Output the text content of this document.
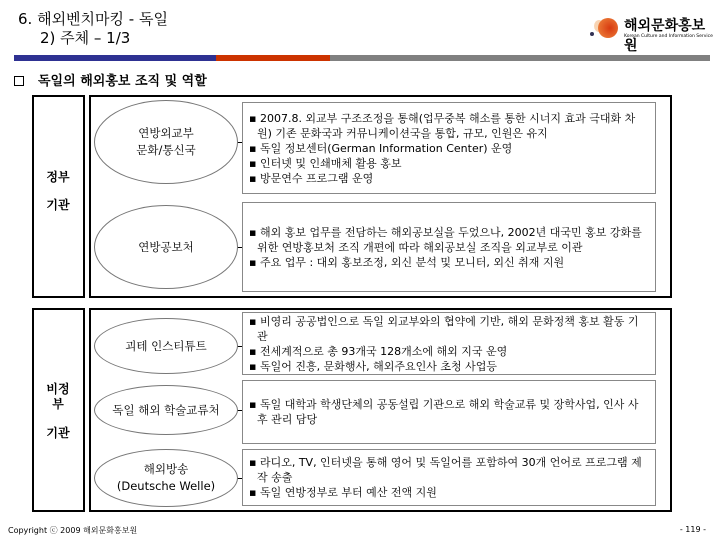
6. 해외벤치마킹 - 독일
2) 주체 – 1/3
해외문화홍보원
Korean Culture and Information Service
독일의 해외홍보 조직 및 역할
정부
기관
연방외교부
문화/통신국
▪ 2007.8. 외교부 구조조정을 통해(업무중복 해소를 통한 시너지 효과 극대화 차원) 기존 문화국과 커뮤니케이션국을 통합, 규모, 인원은 유지
▪ 독일 정보센터(German Information Center) 운영
▪ 인터넷 및 인쇄매체 활용 홍보
▪ 방문연수 프로그램 운영
연방공보처
▪ 해외 홍보 업무를 전담하는 해외공보실을 두었으나, 2002년 대국민 홍보 강화를 위한 연방홍보처 조직 개편에 따라 해외공보실 조직을 외교부로 이관
▪ 주요 업무 : 대외 홍보조정, 외신 분석 및 모니터, 외신 취재 지원
비정
부
기관
괴테 인스티튜트
▪ 비영리 공공법인으로 독일 외교부와의 협약에 기반, 해외 문화정책 홍보 활동 기관
▪ 전세계적으로 총 93개국 128개소에 해외 지국 운영
▪ 독일어 진흥, 문화행사, 해외주요인사 초청 사업등
독일 해외 학술교류처	▪ 독일 대학과 학생단체의 공동설립 기관으로 해외 학술교류 및 장학사업, 인사 사후 관리 담당
해외방송
(Deutsche Welle)
▪ 라디오, TV, 인터넷을 통해 영어 및 독일어를 포함하여 30개 언어로 프로그램 제작 송출
▪ 독일 연방정부로 부터 예산 전액 지원
Copyright ⓒ 2009 해외문화홍보원	- 119 -
